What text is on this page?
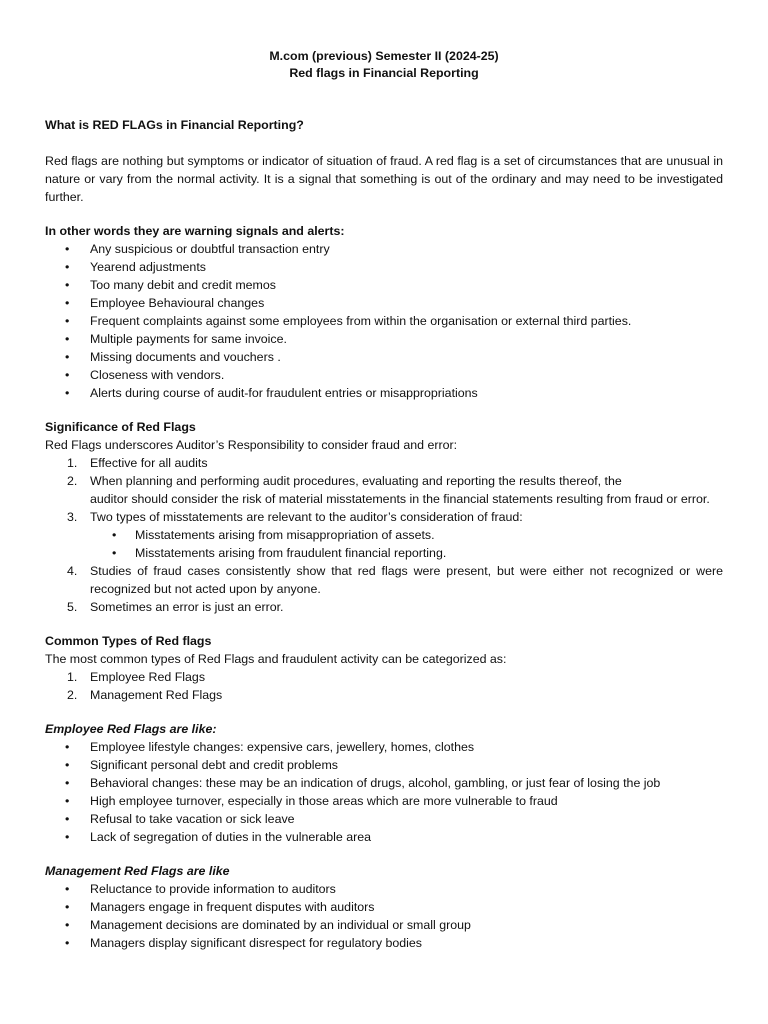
M.com (previous) Semester II (2024-25)
Red flags in Financial Reporting

What is RED FLAGs in Financial Reporting?

Red flags are nothing but symptoms or indicator of situation of fraud. A red flag is a set of circumstances that are unusual in nature or vary from the normal activity. It is a signal that something is out of the ordinary and may need to be investigated further.

In other words they are warning signals and alerts:

• Any suspicious or doubtful transaction entry
• Yearend adjustments
• Too many debit and credit memos
• Employee Behavioural changes
• Frequent complaints against some employees from within the organisation or external third parties.
• Multiple payments for same invoice.
• Missing documents and vouchers .
• Closeness with vendors.
• Alerts during course of audit-for fraudulent entries or misappropriations

Significance of Red Flags

Red Flags underscores Auditor’s Responsibility to consider fraud and error:

1. Effective for all audits
2. When planning and performing audit procedures, evaluating and reporting the results thereof, the
auditor should consider the risk of material misstatements in the financial statements resulting from fraud or error.
3. Two types of misstatements are relevant to the auditor’s consideration of fraud:
• Misstatements arising from misappropriation of assets.
• Misstatements arising from fraudulent financial reporting.
4. Studies of fraud cases consistently show that red flags were present, but were either not recognized or were recognized but not acted upon by anyone.
5. Sometimes an error is just an error.

Common Types of Red flags

The most common types of Red Flags and fraudulent activity can be categorized as:

1. Employee Red Flags
2. Management Red Flags

Employee Red Flags are like:

• Employee lifestyle changes: expensive cars, jewellery, homes, clothes
• Significant personal debt and credit problems
• Behavioral changes: these may be an indication of drugs, alcohol, gambling, or just fear of losing the job
• High employee turnover, especially in those areas which are more vulnerable to fraud
• Refusal to take vacation or sick leave
• Lack of segregation of duties in the vulnerable area

Management Red Flags are like

• Reluctance to provide information to auditors
• Managers engage in frequent disputes with auditors
• Management decisions are dominated by an individual or small group
• Managers display significant disrespect for regulatory bodies
